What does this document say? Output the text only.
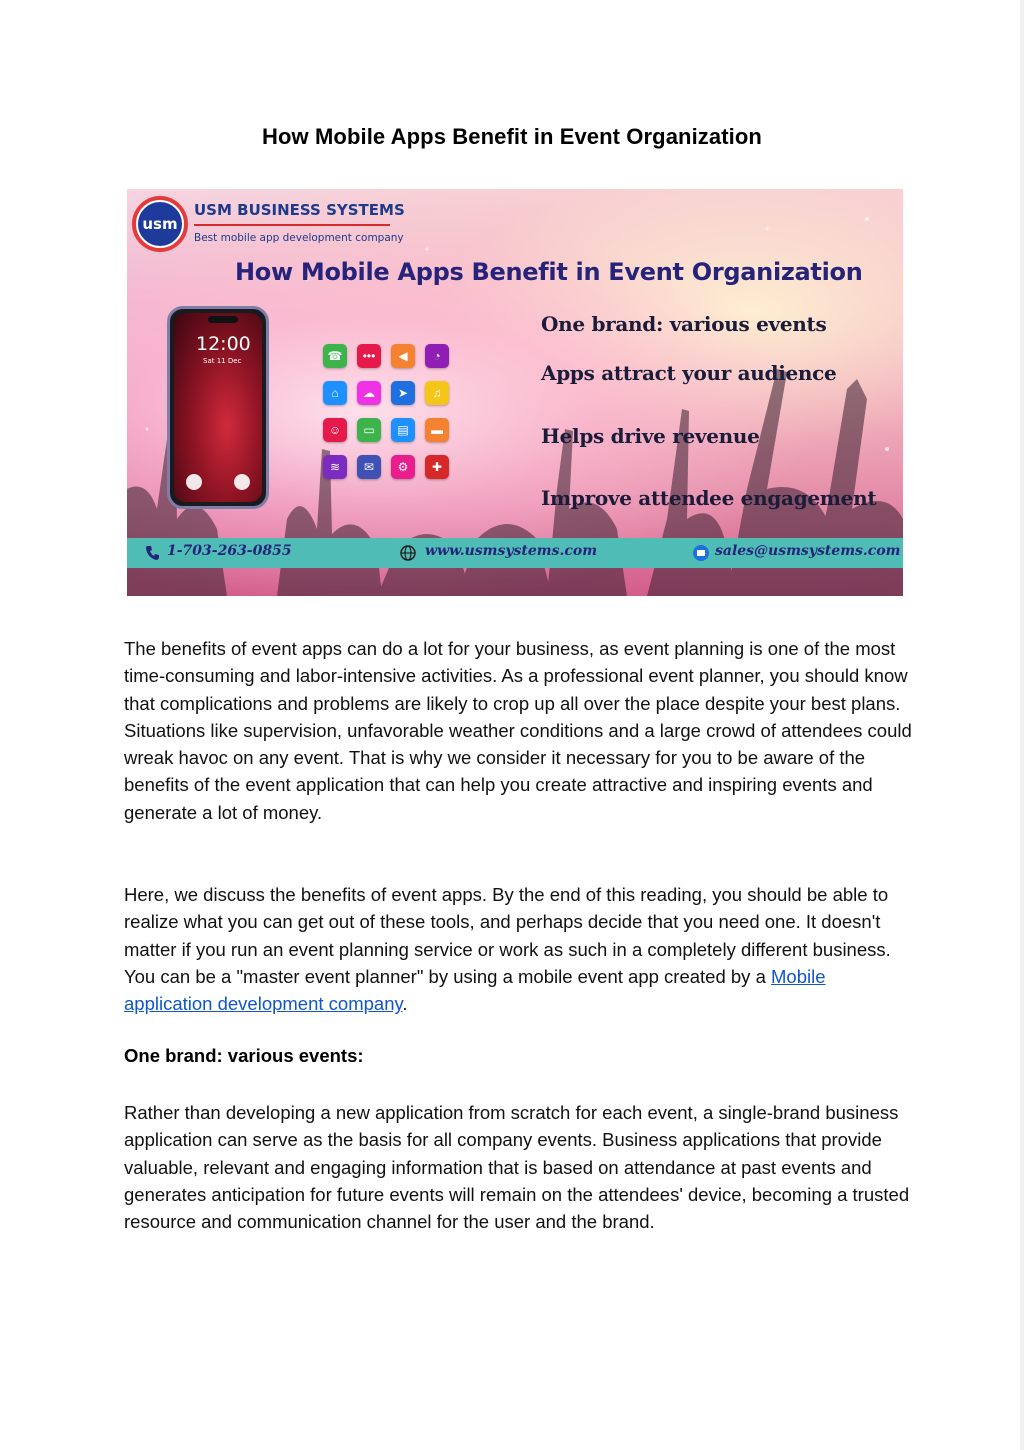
How Mobile Apps Benefit in Event Organization
usm
USM BUSINESS SYSTEMS
Best mobile app development company
How Mobile Apps Benefit in Event Organization
12:00
Sat 11 Dec	☎	•••	◀	◔
⌂	☁	➤	♫
☺	▭	▤	▬
≋	✉	⚙	✚
One brand: various events
Apps attract your audience
Helps drive revenue
Improve attendee engagement
1-703-263-0855	www.usmsystems.com	sales@usmsystems.com
The benefits of event apps can do a lot for your business, as event planning is one of the most time-consuming and labor-intensive activities. As a professional event planner, you should know that complications and problems are likely to crop up all over the place despite your best plans. Situations like supervision, unfavorable weather conditions and a large crowd of attendees could wreak havoc on any event. That is why we consider it necessary for you to be aware of the benefits of the event application that can help you create attractive and inspiring events and generate a lot of money.
Here, we discuss the benefits of event apps. By the end of this reading, you should be able to realize what you can get out of these tools, and perhaps decide that you need one. It doesn't matter if you run an event planning service or work as such in a completely different business. You can be a "master event planner" by using a mobile event app created by a Mobile application development company.
One brand: various events:
Rather than developing a new application from scratch for each event, a single-brand business application can serve as the basis for all company events. Business applications that provide valuable, relevant and engaging information that is based on attendance at past events and generates anticipation for future events will remain on the attendees' device, becoming a trusted resource and communication channel for the user and the brand.
